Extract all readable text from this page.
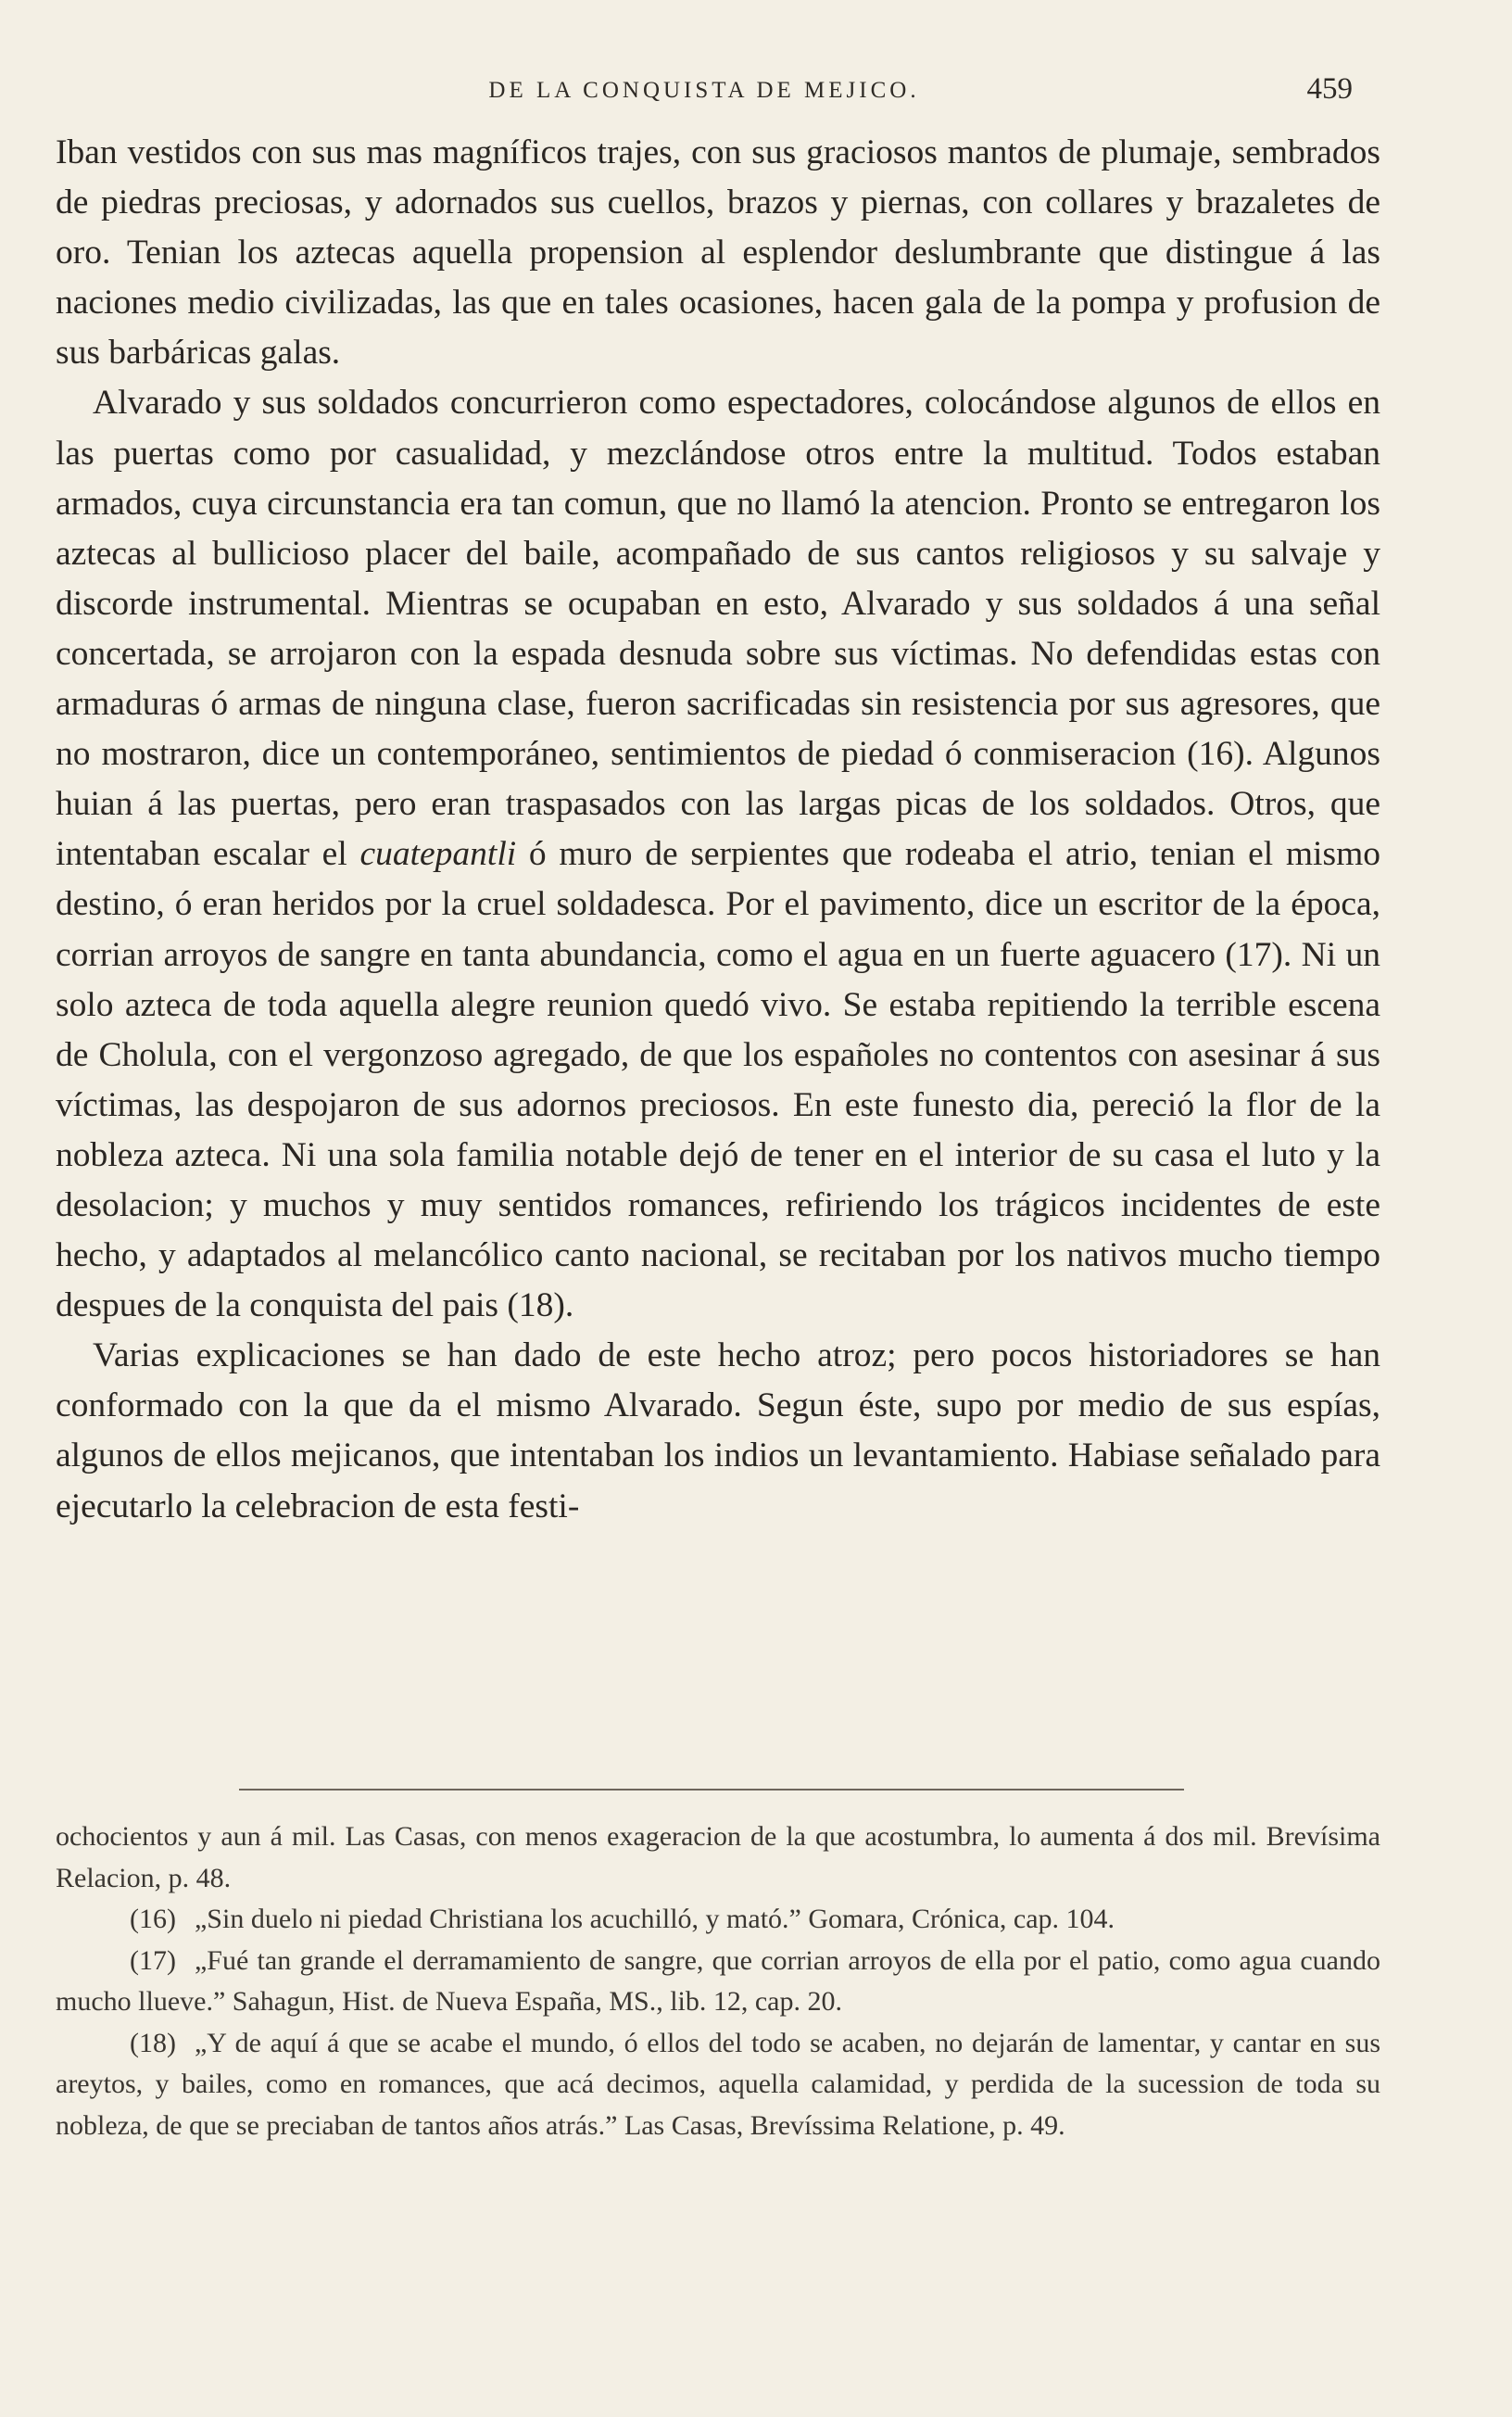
DE LA CONQUISTA DE MEJICO.	459

Iban vestidos con sus mas magníficos trajes, con sus graciosos mantos de plumaje, sembrados de piedras preciosas, y adornados sus cuellos, brazos y piernas, con collares y brazaletes de oro. Tenian los aztecas aquella propension al esplendor deslumbrante que distingue á las naciones medio civilizadas, las que en tales ocasiones, hacen gala de la pompa y profusion de sus barbáricas galas.

Alvarado y sus soldados concurrieron como espectadores, colocándose algunos de ellos en las puertas como por casualidad, y mezclándose otros entre la multitud. Todos estaban armados, cuya circunstancia era tan comun, que no llamó la atencion. Pronto se entregaron los aztecas al bullicioso placer del baile, acompañado de sus cantos religiosos y su salvaje y discorde instrumental. Mientras se ocupaban en esto, Alvarado y sus soldados á una señal concertada, se arrojaron con la espada desnuda sobre sus víctimas. No defendidas estas con armaduras ó armas de ninguna clase, fueron sacrificadas sin resistencia por sus agresores, que no mostraron, dice un contemporáneo, sentimientos de piedad ó conmiseracion (16). Algunos huian á las puertas, pero eran traspasados con las largas picas de los soldados. Otros, que intentaban escalar el cuatepantli ó muro de serpientes que rodeaba el atrio, tenian el mismo destino, ó eran heridos por la cruel soldadesca. Por el pavimento, dice un escritor de la época, corrian arroyos de sangre en tanta abundancia, como el agua en un fuerte aguacero (17). Ni un solo azteca de toda aquella alegre reunion quedó vivo. Se estaba repitiendo la terrible escena de Cholula, con el vergonzoso agregado, de que los españoles no contentos con asesinar á sus víctimas, las despojaron de sus adornos preciosos. En este funesto dia, pereció la flor de la nobleza azteca. Ni una sola familia notable dejó de tener en el interior de su casa el luto y la desolacion; y muchos y muy sentidos romances, refiriendo los trágicos incidentes de este hecho, y adaptados al melancólico canto nacional, se recitaban por los nativos mucho tiempo despues de la conquista del pais (18).

Varias explicaciones se han dado de este hecho atroz; pero pocos historiadores se han conformado con la que da el mismo Alvarado. Segun éste, supo por medio de sus espías, algunos de ellos mejicanos, que intentaban los indios un levantamiento. Habiase señalado para ejecutarlo la celebracion de esta festi-

ochocientos y aun á mil. Las Casas, con menos exageracion de la que acostumbra, lo aumenta á dos mil. Brevísima Relacion, p. 48.

(16) „Sin duelo ni piedad Christiana los acuchilló, y mató.” Gomara, Crónica, cap. 104.

(17) „Fué tan grande el derramamiento de sangre, que corrian arroyos de ella por el patio, como agua cuando mucho llueve.” Sahagun, Hist. de Nueva España, MS., lib. 12, cap. 20.

(18) „Y de aquí á que se acabe el mundo, ó ellos del todo se acaben, no dejarán de lamentar, y cantar en sus areytos, y bailes, como en romances, que acá decimos, aquella calamidad, y perdida de la sucession de toda su nobleza, de que se preciaban de tantos años atrás.” Las Casas, Brevíssima Relatione, p. 49.
